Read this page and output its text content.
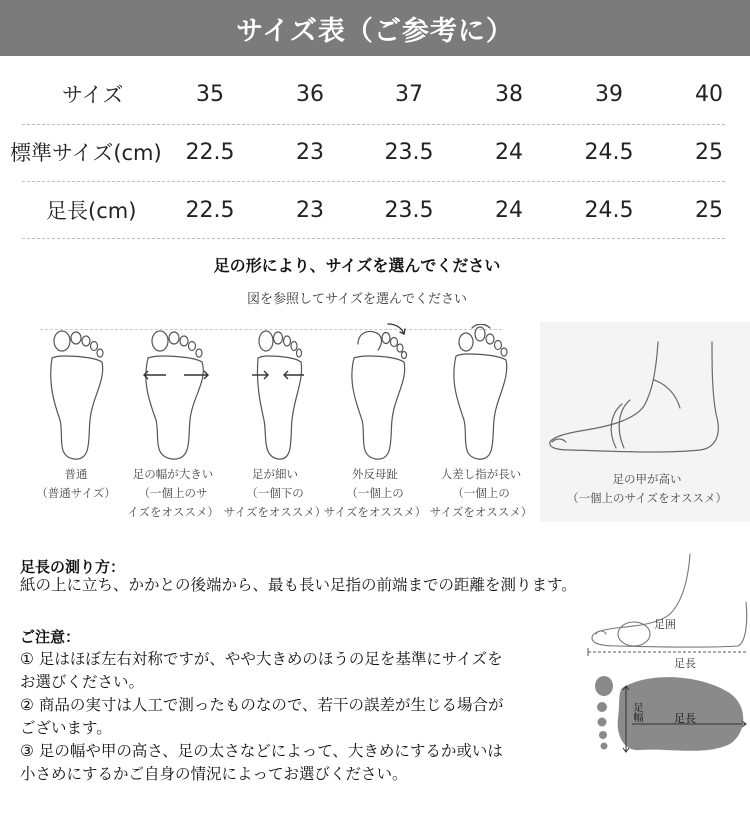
サイズ表（ご参考に）
サイズ	35	36	37	38	39	40
標準サイズ(cm)	22.5	23	23.5	24	24.5	25
足長(cm)	22.5	23	23.5	24	24.5	25
足の形により、サイズを選んでください
図を参照してサイズを選んでください
普通
（普通サイズ）
足の幅が大きい
（一個上のサ
イズをオススメ）
足が細い
（一個下の
サイズをオススメ）
外反母趾
（一個上の
サイズをオススメ）
人差し指が長い
（一個上の
サイズをオススメ）
足の甲が高い
（一個上のサイズをオススメ）
足長の測り方：
紙の上に立ち、かかとの後端から、最も長い足指の前端までの距離を測ります。
ご注意：
① 足はほぼ左右対称ですが、やや大きめのほうの足を基準にサイズを
お選びください。
② 商品の実寸は人工で測ったものなので、若干の誤差が生じる場合が
ございます。
③ 足の幅や甲の高さ、足の太さなどによって、大きめにするか或いは
小さめにするかご自身の情況によってお選びください。
足囲
足長
足幅	足長
